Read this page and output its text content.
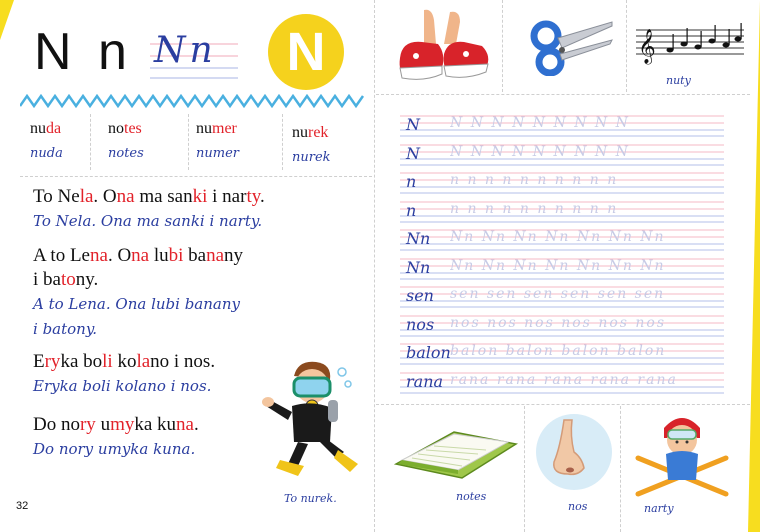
N n Nn	N	𝄞
nuty
nuda
nuda
notes
notes
numer
numer
nurek
nurek
To Nela. Ona ma sanki i narty.
To Nela. Ona ma sanki i narty.
A to Lena. Ona lubi banany
i batony.
A to Lena. Ona lubi banany
i batony.
Eryka boli kolano i nos.
Eryka boli kolano i nos.
Do nory umyka kuna.
Do nory umyka kuna.
To nurek.
N N N N N N N N N N
N N N N N N N N N N
n n n n n n n n n n n
n n n n n n n n n n n
Nn Nn Nn Nn Nn Nn Nn Nn
Nn Nn Nn Nn Nn Nn Nn Nn
sen sen sen sen sen sen sen
nos nos nos nos nos nos nos
balon balon balon balon balon
rana rana rana rana rana rana
notes
nos	narty
32
